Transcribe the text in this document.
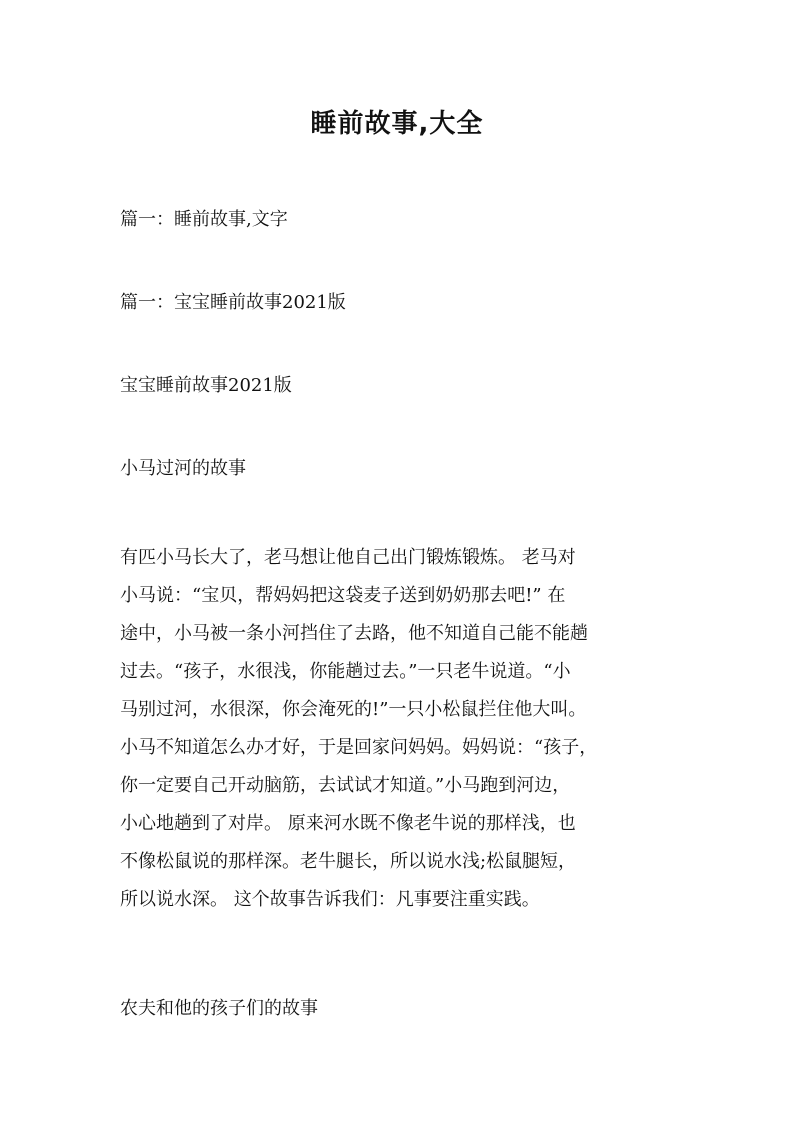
睡前故事,大全
篇一：睡前故事,文字
篇一：宝宝睡前故事2021版
宝宝睡前故事2021版
小马过河的故事
有匹小马长大了，老马想让他自己出门锻炼锻炼。 老马对
小马说：“宝贝，帮妈妈把这袋麦子送到奶奶那去吧!” 在
途中，小马被一条小河挡住了去路，他不知道自己能不能趟
过去。“孩子，水很浅，你能趟过去。”一只老牛说道。“小
马别过河，水很深，你会淹死的!”一只小松鼠拦住他大叫。
小马不知道怎么办才好，于是回家问妈妈。妈妈说：“孩子，
你一定要自己开动脑筋，去试试才知道。”小马跑到河边，
小心地趟到了对岸。 原来河水既不像老牛说的那样浅，也
不像松鼠说的那样深。老牛腿长，所以说水浅;松鼠腿短，
所以说水深。 这个故事告诉我们：凡事要注重实践。
农夫和他的孩子们的故事
